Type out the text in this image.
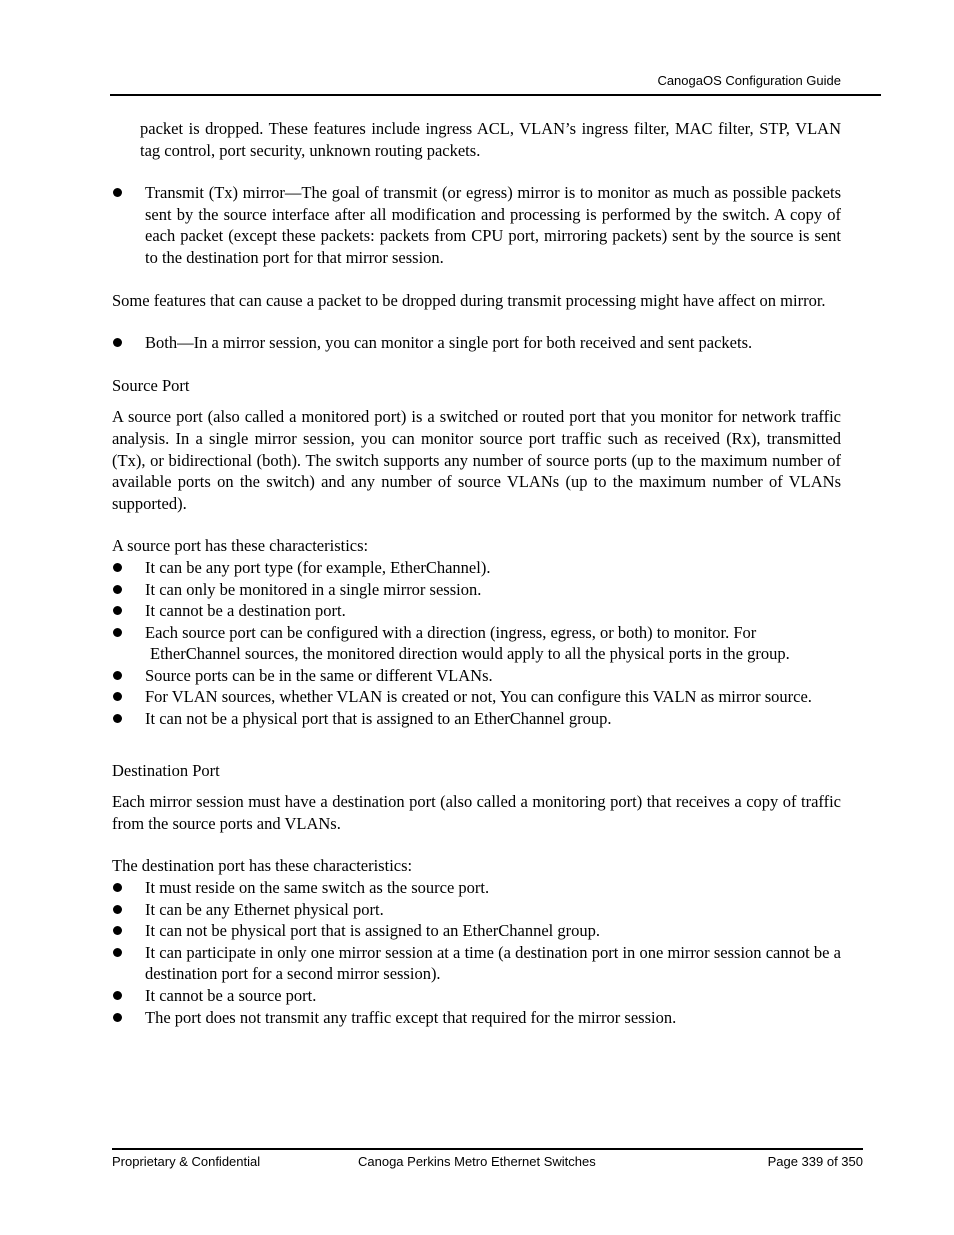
CanogaOS Configuration Guide

packet is dropped. These features include ingress ACL, VLAN’s ingress filter, MAC filter, STP, VLAN tag control, port security, unknown routing packets.

Transmit (Tx) mirror—The goal of transmit (or egress) mirror is to monitor as much as possible packets sent by the source interface after all modification and processing is performed by the switch. A copy of each packet (except these packets: packets from CPU port, mirroring packets) sent by the source is sent to the destination port for that mirror session.

Some features that can cause a packet to be dropped during transmit processing might have affect on mirror.

Both—In a mirror session, you can monitor a single port for both received and sent packets.

Source Port

A source port (also called a monitored port) is a switched or routed port that you monitor for network traffic analysis. In a single mirror session, you can monitor source port traffic such as received (Rx), transmitted (Tx), or bidirectional (both). The switch supports any number of source ports (up to the maximum number of available ports on the switch) and any number of source VLANs (up to the maximum number of VLANs supported).

A source port has these characteristics:

It can be any port type (for example, EtherChannel).
It can only be monitored in a single mirror session.
It cannot be a destination port.
Each source port can be configured with a direction (ingress, egress, or both) to monitor. For
EtherChannel sources, the monitored direction would apply to all the physical ports in the group.
Source ports can be in the same or different VLANs.
For VLAN sources, whether VLAN is created or not, You can configure this VALN as mirror source.
It can not be a physical port that is assigned to an EtherChannel group.

Destination Port

Each mirror session must have a destination port (also called a monitoring port) that receives a copy of traffic from the source ports and VLANs.

The destination port has these characteristics:

It must reside on the same switch as the source port.
It can be any Ethernet physical port.
It can not be physical port that is assigned to an EtherChannel group.
It can participate in only one mirror session at a time (a destination port in one mirror session cannot be a destination port for a second mirror session).
It cannot be a source port.
The port does not transmit any traffic except that required for the mirror session.
Proprietary & Confidential	Canoga Perkins Metro Ethernet Switches	Page 339 of 350
